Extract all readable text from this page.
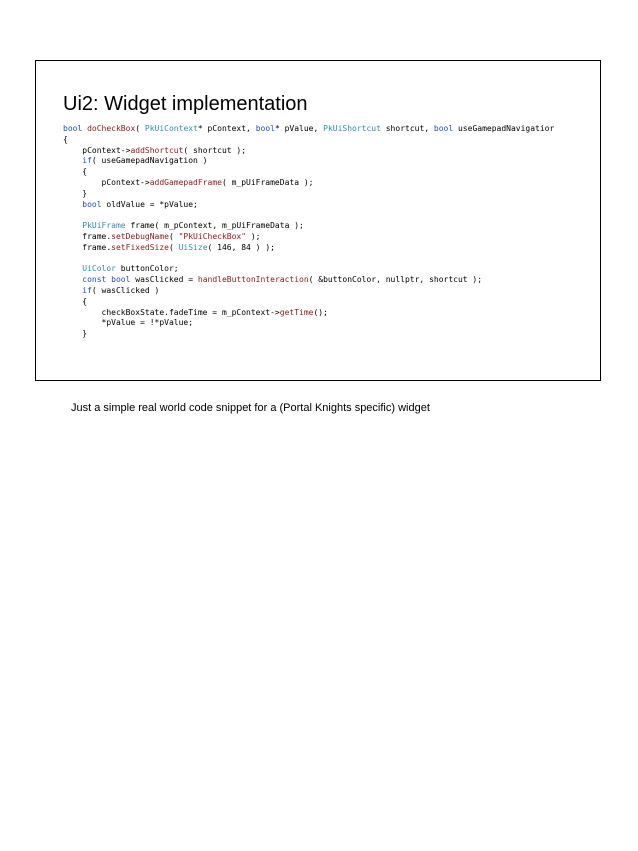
Ui2: Widget implementation
bool doCheckBox( PkUiContext* pContext, bool* pValue, PkUiShortcut shortcut, bool useGamepadNavigatior
{
pContext->addShortcut( shortcut );
if( useGamepadNavigation )
{
pContext->addGamepadFrame( m_pUiFrameData );
}
bool oldValue = *pValue;
PkUiFrame frame( m_pContext, m_pUiFrameData );
frame.setDebugName( "PkUiCheckBox" );
frame.setFixedSize( UiSize( 146, 84 ) );
UiColor buttonColor;
const bool wasClicked = handleButtonInteraction( &buttonColor, nullptr, shortcut );
if( wasClicked )
{
checkBoxState.fadeTime = m_pContext->getTime();
*pValue = !*pValue;
}

Just a simple real world code snippet for a (Portal Knights specific) widget
